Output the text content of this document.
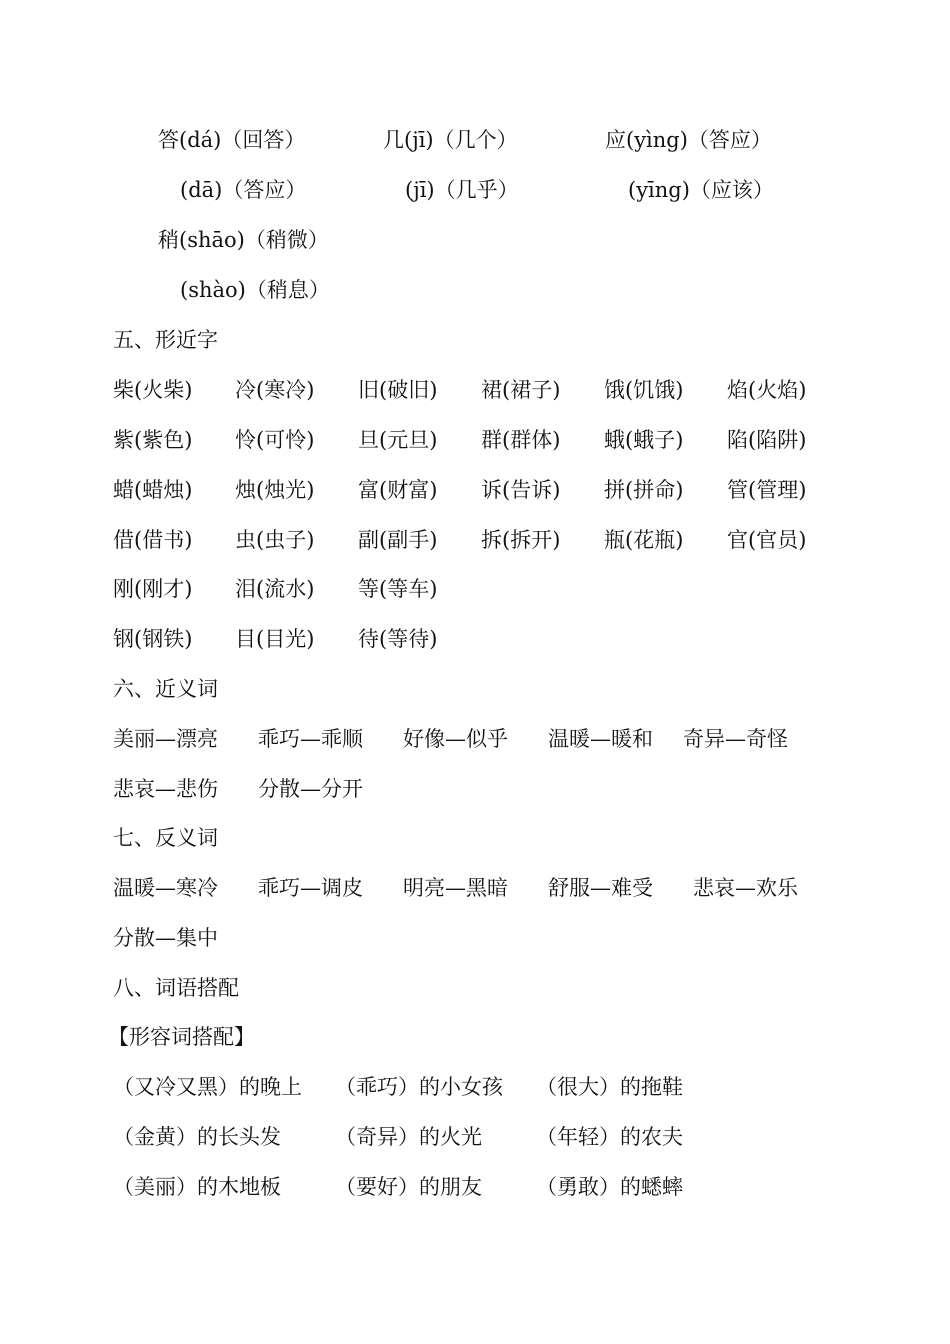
答(dá)（回答）	几(jī)（几个）	应(yìng)（答应）
(dā)（答应）	(jī)（几乎）	(yīng)（应该）
稍(shāo)（稍微）
(shào)（稍息）
五、形近字
柴(火柴) 冷(寒冷) 旧(破旧) 裙(裙子) 饿(饥饿) 焰(火焰)
紫(紫色) 怜(可怜) 旦(元旦) 群(群体) 蛾(蛾子) 陷(陷阱)
蜡(蜡烛) 烛(烛光) 富(财富) 诉(告诉) 拼(拼命) 管(管理)
借(借书) 虫(虫子) 副(副手) 拆(拆开) 瓶(花瓶) 官(官员)
刚(刚才) 泪(流水) 等(等车)
钢(钢铁) 目(目光) 待(等待)
六、近义词
美丽—漂亮 乖巧—乖顺 好像—似乎 温暖—暖和 奇异—奇怪
悲哀—悲伤 分散—分开
七、反义词
温暖—寒冷 乖巧—调皮 明亮—黑暗 舒服—难受 悲哀—欢乐
分散—集中
八、词语搭配
【形容词搭配】
（又冷又黑）的晚上 （乖巧）的小女孩 （很大）的拖鞋
（金黄）的长头发	（奇异）的火光	（年轻）的农夫
（美丽）的木地板	（要好）的朋友	（勇敢）的蟋蟀
